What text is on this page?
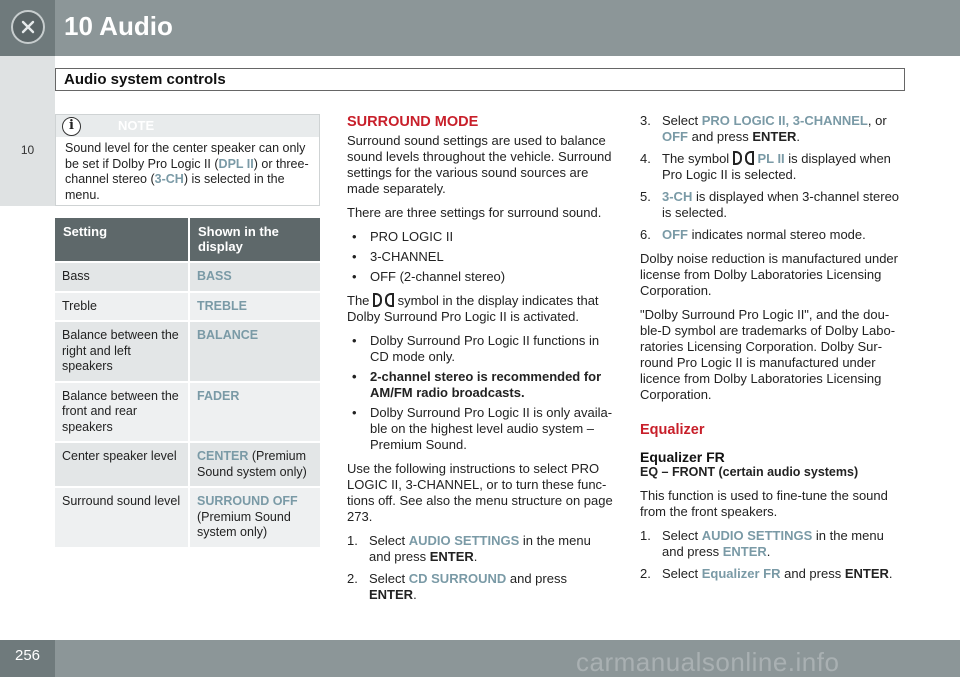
10 Audio
10
Audio system controls
i	NOTE
Sound level for the center speaker can only be set if Dolby Pro Logic II (DPL II) or three-channel stereo (3-CH) is selected in the menu.
Setting	Shown in the display
Bass	BASS
Treble	TREBLE
Balance between the right and left speakers	BALANCE
Balance between the front and rear speakers	FADER
Center speaker level	CENTER (Premium Sound system only)
Surround sound level	SURROUND OFF
(Premium Sound system only)
SURROUND MODE

Surround sound settings are used to balance sound levels throughout the vehicle. Surround settings for the various sound sources are made separately.

There are three settings for surround sound.

• PRO LOGIC II
• 3-CHANNEL
• OFF (2-channel stereo)

The symbol in the display indicates that Dolby Surround Pro Logic II is activated.

• Dolby Surround Pro Logic II functions in CD mode only.
• 2-channel stereo is recommended for AM/FM radio broadcasts.
• Dolby Surround Pro Logic II is only availa-ble on the highest level audio system – Premium Sound.

Use the following instructions to select PRO LOGIC II, 3-CHANNEL, or to turn these func-tions off. See also the menu structure on page 273.

1. Select AUDIO SETTINGS in the menu and press ENTER.
2. Select CD SURROUND and press
ENTER.
3. Select PRO LOGIC II, 3-CHANNEL, or OFF and press ENTER.
4. The symbol PL II is displayed when Pro Logic II is selected.
5. 3-CH is displayed when 3-channel stereo is selected.
6. OFF indicates normal stereo mode.

Dolby noise reduction is manufactured under license from Dolby Laboratories Licensing Corporation.

"Dolby Surround Pro Logic II", and the dou-ble-D symbol are trademarks of Dolby Labo-ratories Licensing Corporation. Dolby Sur-round Pro Logic II is manufactured under licence from Dolby Laboratories Licensing Corporation.

Equalizer
Equalizer FR
EQ – FRONT (certain audio systems)

This function is used to fine-tune the sound from the front speakers.

1. Select AUDIO SETTINGS in the menu and press ENTER.
2. Select Equalizer FR and press ENTER.
256	carmanualsonline.info
